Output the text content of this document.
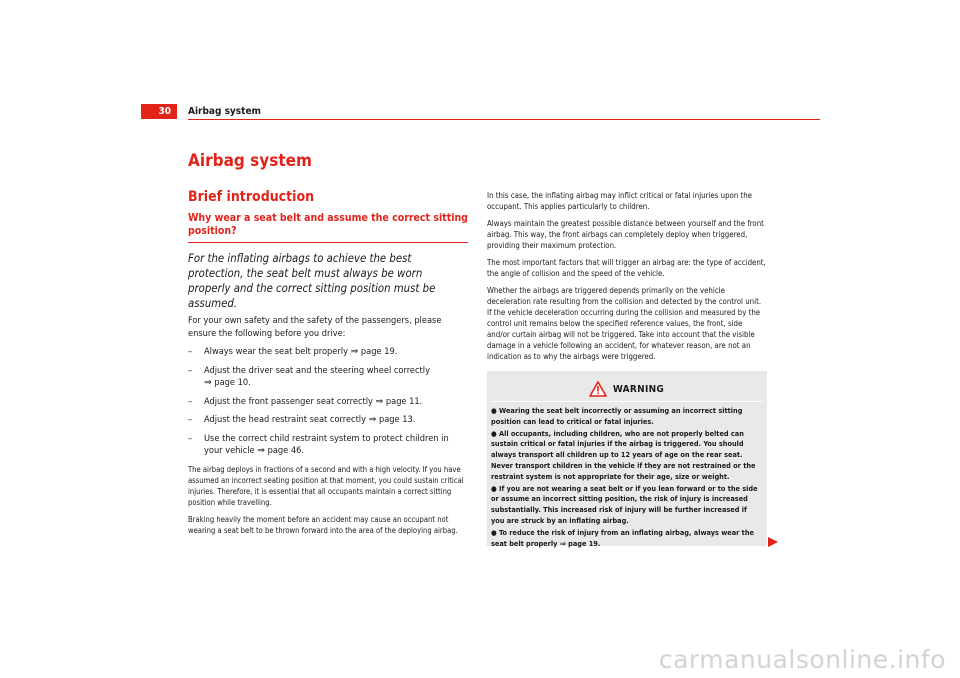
30	Airbag system
Airbag system
Brief introduction
Why wear a seat belt and assume the correct sitting position?

For the inflating airbags to achieve the best protection, the seat belt must always be worn properly and the correct sitting position must be assumed.

For your own safety and the safety of the passengers, please ensure the following before you drive:

– Always wear the seat belt properly ⇒ page 19.
– Adjust the driver seat and the steering wheel correctly
⇒ page 10.
– Adjust the front passenger seat correctly ⇒ page 11.
– Adjust the head restraint seat correctly ⇒ page 13.
– Use the correct child restraint system to protect children in your vehicle ⇒ page 46.

The airbag deploys in fractions of a second and with a high velocity. If you have assumed an incorrect seating position at that moment, you could sustain critical injuries. Therefore, it is essential that all occupants maintain a correct sitting position while travelling.

Braking heavily the moment before an accident may cause an occupant not wearing a seat belt to be thrown forward into the area of the deploying airbag.

In this case, the inflating airbag may inflict critical or fatal injuries upon the occupant. This applies particularly to children.

Always maintain the greatest possible distance between yourself and the front airbag. This way, the front airbags can completely deploy when triggered, providing their maximum protection.

The most important factors that will trigger an airbag are: the type of accident, the angle of collision and the speed of the vehicle.

Whether the airbags are triggered depends primarily on the vehicle deceleration rate resulting from the collision and detected by the control unit. If the vehicle deceleration occurring during the collision and measured by the control unit remains below the specified reference values, the front, side and/or curtain airbag will not be triggered. Take into account that the visible damage in a vehicle following an accident, for whatever reason, are not an indication as to why the airbags were triggered.

WARNING

● Wearing the seat belt incorrectly or assuming an incorrect sitting position can lead to critical or fatal injuries.

● All occupants, including children, who are not properly belted can sustain critical or fatal injuries if the airbag is triggered. You should always transport all children up to 12 years of age on the rear seat. Never transport children in the vehicle if they are not restrained or the restraint system is not appropriate for their age, size or weight.

● If you are not wearing a seat belt or if you lean forward or to the side or assume an incorrect sitting position, the risk of injury is increased substantially. This increased risk of injury will be further increased if you are struck by an inflating airbag.

● To reduce the risk of injury from an inflating airbag, always wear the seat belt properly ⇒ page 19.

carmanualsonline.info
